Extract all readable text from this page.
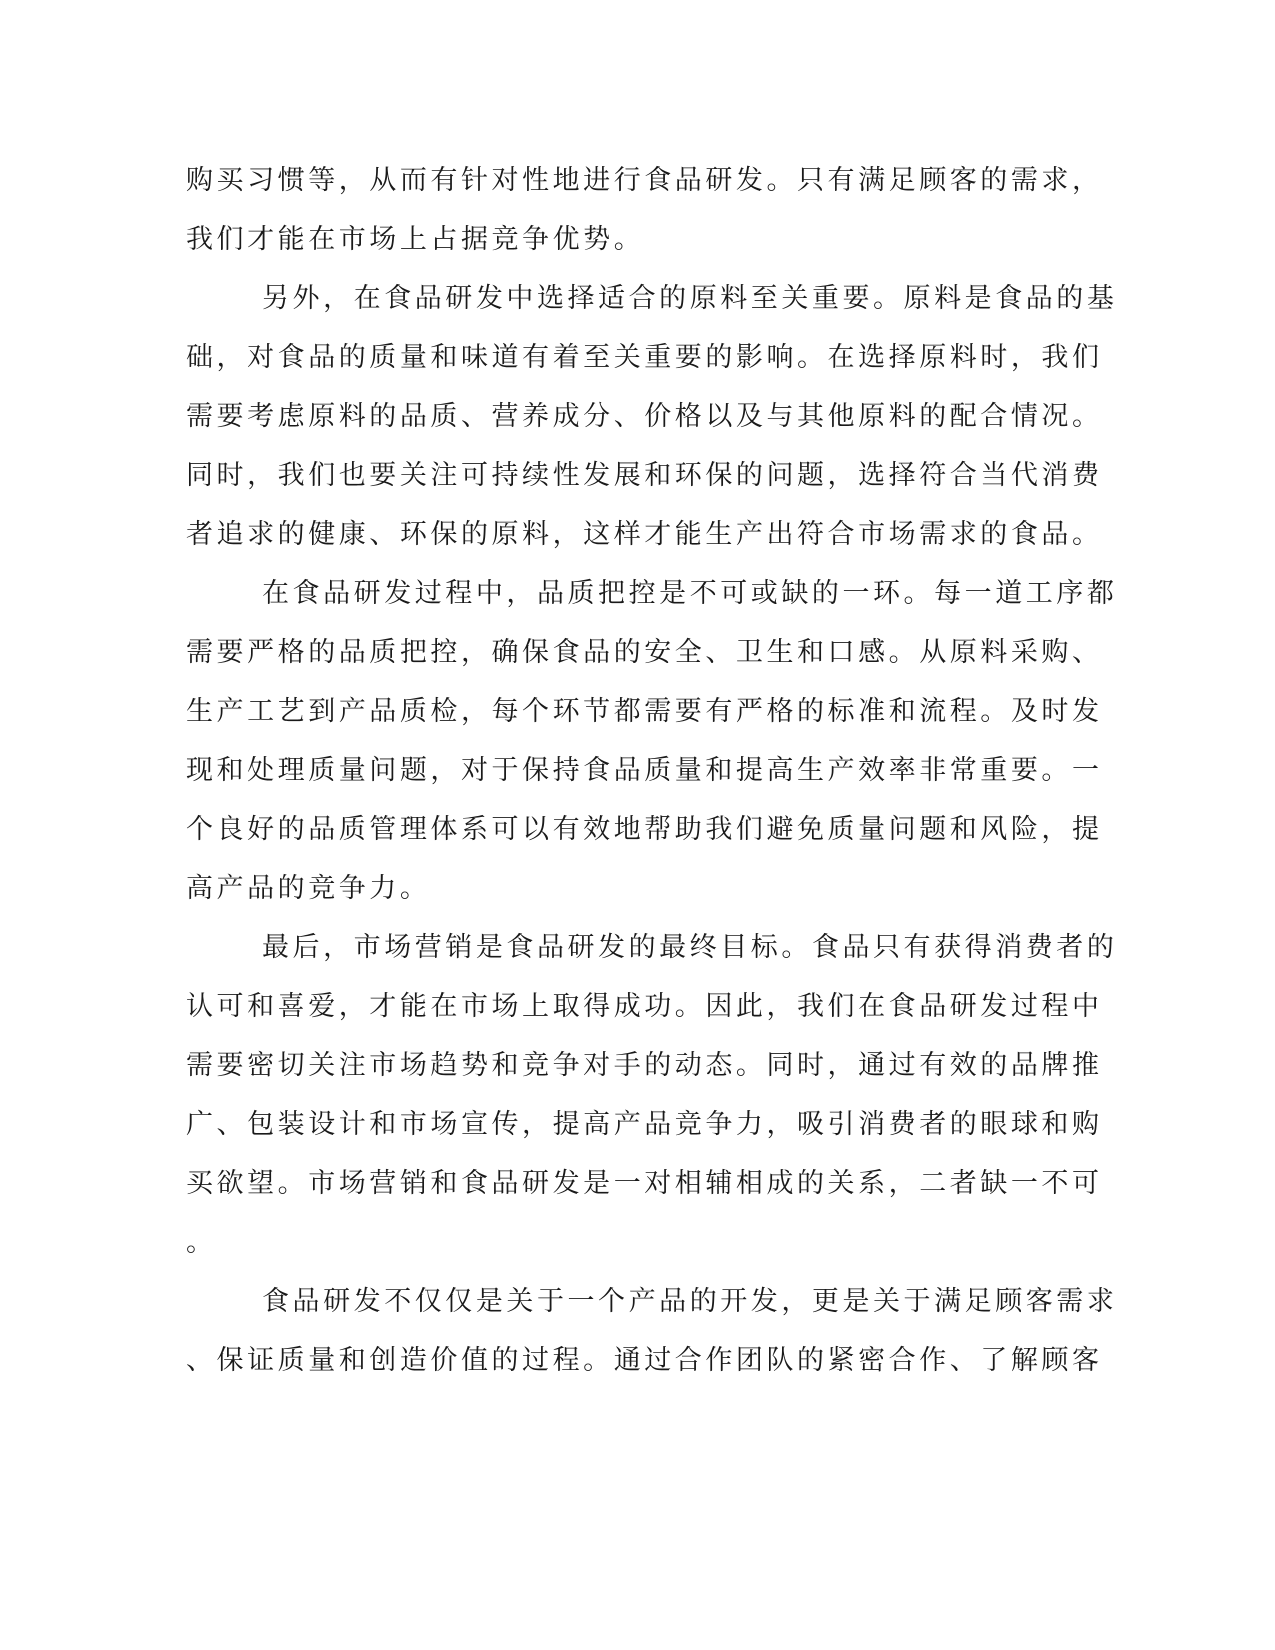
购买习惯等，从而有针对性地进行食品研发。只有满足顾客的需求，
我们才能在市场上占据竞争优势。
另外，在食品研发中选择适合的原料至关重要。原料是食品的基
础，对食品的质量和味道有着至关重要的影响。在选择原料时，我们
需要考虑原料的品质、营养成分、价格以及与其他原料的配合情况。
同时，我们也要关注可持续性发展和环保的问题，选择符合当代消费
者追求的健康、环保的原料，这样才能生产出符合市场需求的食品。
在食品研发过程中，品质把控是不可或缺的一环。每一道工序都
需要严格的品质把控，确保食品的安全、卫生和口感。从原料采购、
生产工艺到产品质检，每个环节都需要有严格的标准和流程。及时发
现和处理质量问题，对于保持食品质量和提高生产效率非常重要。一
个良好的品质管理体系可以有效地帮助我们避免质量问题和风险，提
高产品的竞争力。
最后，市场营销是食品研发的最终目标。食品只有获得消费者的
认可和喜爱，才能在市场上取得成功。因此，我们在食品研发过程中
需要密切关注市场趋势和竞争对手的动态。同时，通过有效的品牌推
广、包装设计和市场宣传，提高产品竞争力，吸引消费者的眼球和购
买欲望。市场营销和食品研发是一对相辅相成的关系，二者缺一不可
。
食品研发不仅仅是关于一个产品的开发，更是关于满足顾客需求
、保证质量和创造价值的过程。通过合作团队的紧密合作、了解顾客
